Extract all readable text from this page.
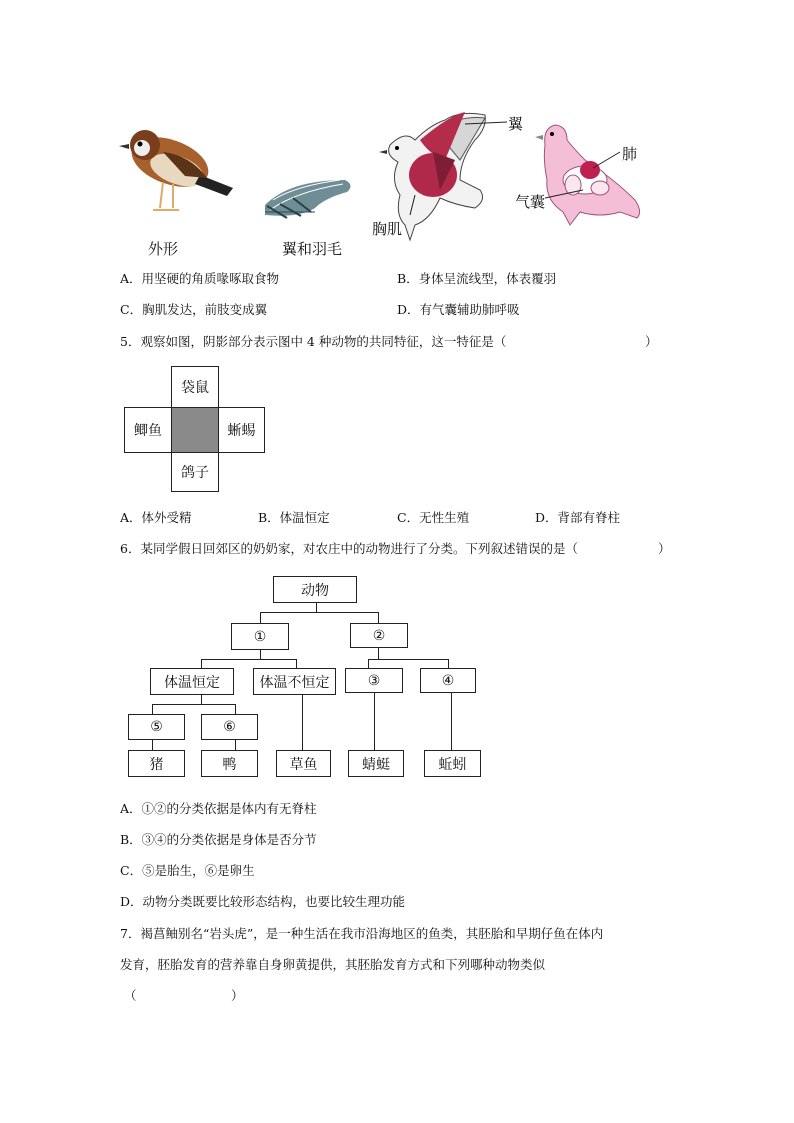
外形	翼和羽毛
翼
胸肌
肺
气囊
A．用坚硬的角质喙啄取食物	B．身体呈流线型，体表覆羽
C．胸肌发达，前肢变成翼	D．有气囊辅助肺呼吸
5．观察如图，阴影部分表示图中 4 种动物的共同特征，这一特征是（	）
袋鼠
鲫鱼	蜥蜴
鸽子
A．体外受精	B．体温恒定	C．无性生殖	D．背部有脊柱
6．某同学假日回郊区的奶奶家，对农庄中的动物进行了分类。下列叙述错误的是（	）
动物
①	②
体温恒定	体温不恒定	③	④
⑤	⑥
猪	鸭	草鱼	蜻蜓	蚯蚓
A．①②的分类依据是体内有无脊柱
B．③④的分类依据是身体是否分节
C．⑤是胎生，⑥是卵生
D．动物分类既要比较形态结构，也要比较生理功能
7．褐菖鲉别名“岩头虎”，是一种生活在我市沿海地区的鱼类，其胚胎和早期仔鱼在体内
发育，胚胎发育的营养靠自身卵黄提供，其胚胎发育方式和下列哪种动物类似
（	）
